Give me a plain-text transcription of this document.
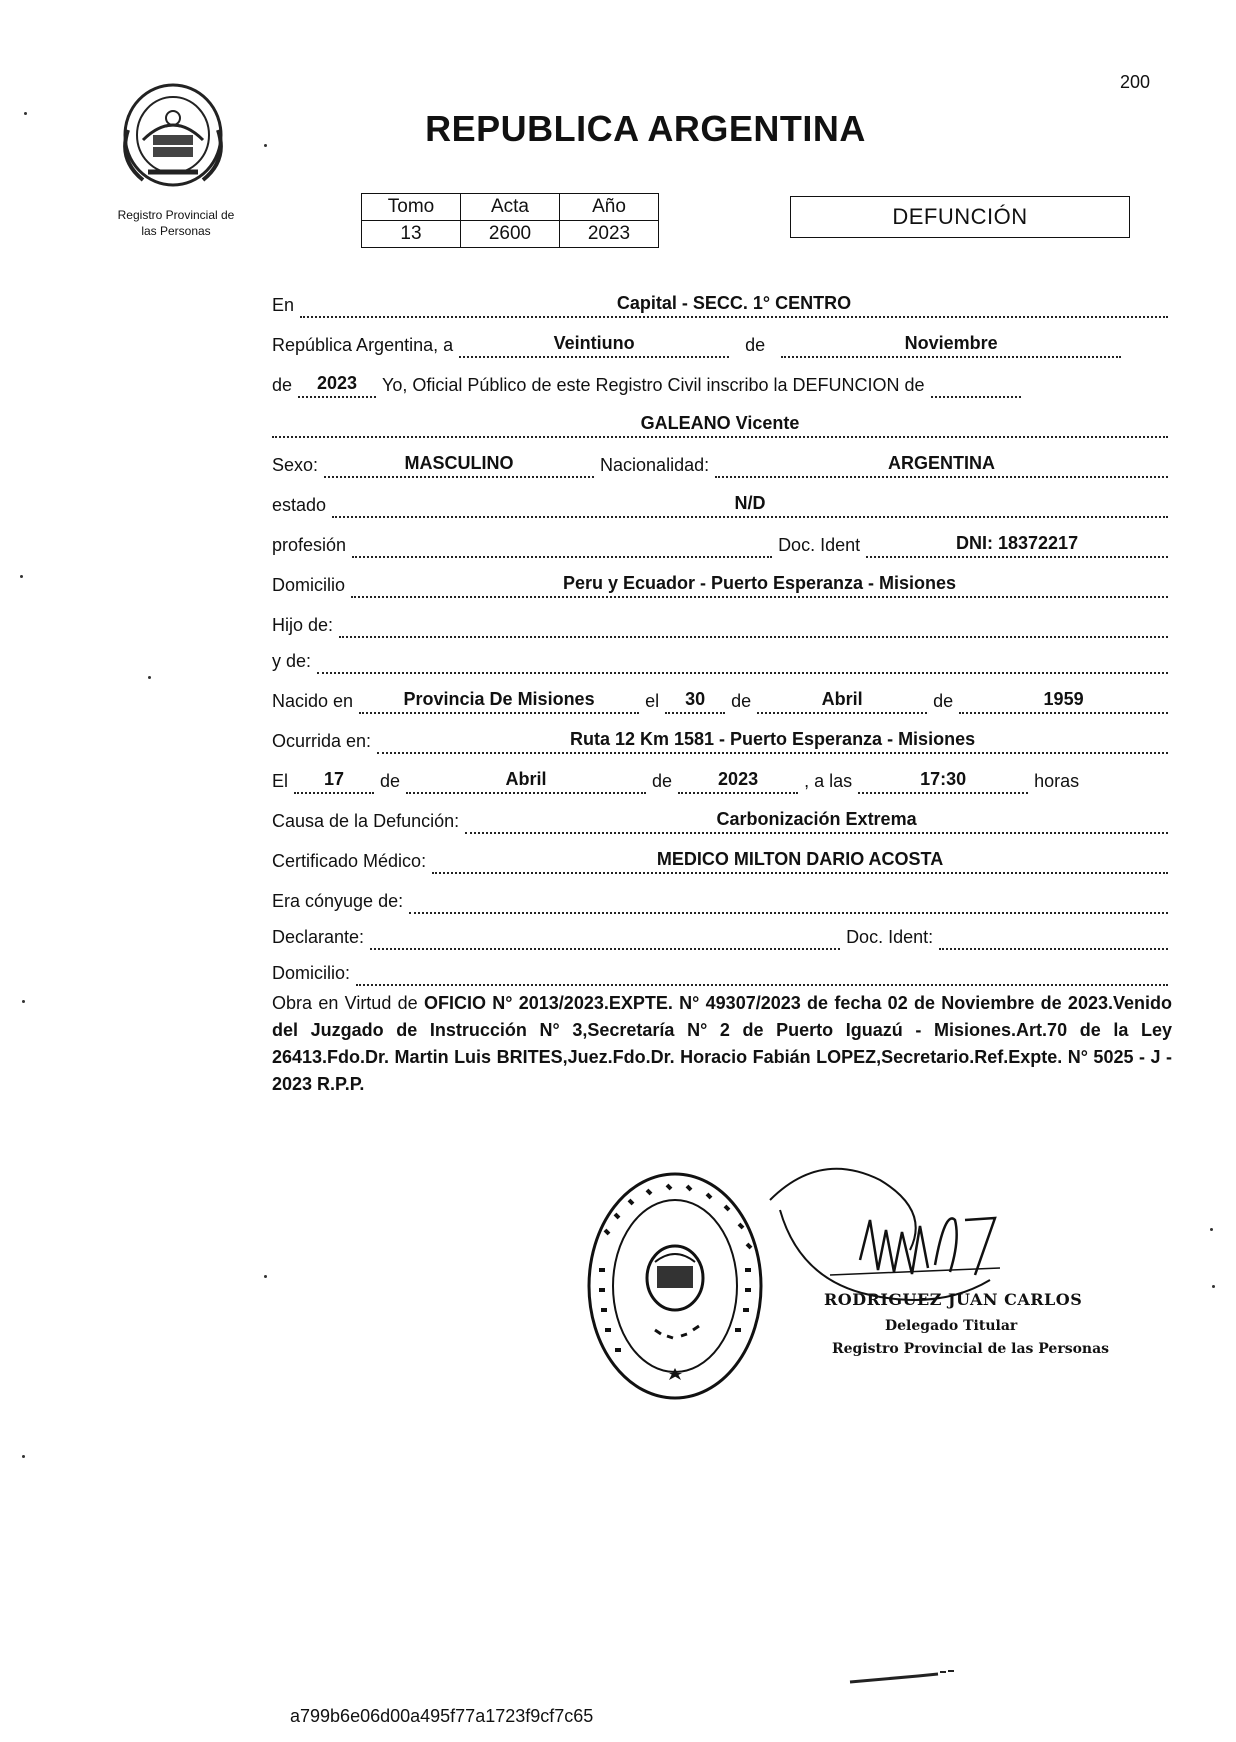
200
Registro Provincial de
las Personas
REPUBLICA ARGENTINA
Tomo	Acta	Año
13	2600	2023
DEFUNCIÓN
En	Capital - SECC. 1° CENTRO
República Argentina, a	Veintiuno	de	Noviembre
de	2023	Yo, Oficial Público de este Registro Civil inscribo la DEFUNCION de
GALEANO Vicente
Sexo:	MASCULINO	Nacionalidad:	ARGENTINA
estado	N/D
profesión	Doc. Ident	DNI: 18372217
Domicilio	Peru y Ecuador - Puerto Esperanza - Misiones
Hijo de:
y de:
Nacido en	Provincia De Misiones	el	30	de	Abril	de	1959
Ocurrida en:	Ruta 12 Km 1581 - Puerto Esperanza - Misiones
El	17	de	Abril	de	2023	, a las	17:30	horas
Causa de la Defunción:	Carbonización Extrema
Certificado Médico:	MEDICO MILTON DARIO ACOSTA
Era cónyuge de:
Declarante:	Doc. Ident:
Domicilio:
Obra en Virtud de OFICIO N° 2013/2023.EXPTE. N° 49307/2023 de fecha 02 de Noviembre de 2023.Venido del Juzgado de Instrucción N° 3,Secretaría N° 2 de Puerto Iguazú - Misiones.Art.70 de la Ley 26413.Fdo.Dr. Martin Luis BRITES,Juez.Fdo.Dr. Horacio Fabián LOPEZ,Secretario.Ref.Expte. N° 5025 - J - 2023 R.P.P.
RODRIGUEZ JUAN CARLOS
Delegado Titular
Registro Provincial de las Personas
a799b6e06d00a495f77a1723f9cf7c65
